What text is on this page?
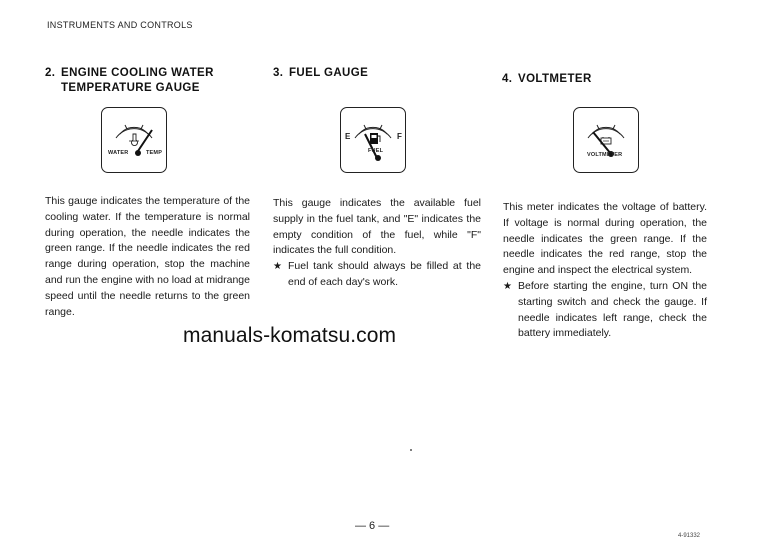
INSTRUMENTS AND CONTROLS
2. ENGINE COOLING WATER
TEMPERATURE GAUGE
WATER	TEMP

This gauge indicates the temperature of the cooling water. If the temperature is normal during operation, the needle indicates the green range. If the needle indicates the red range during operation, stop the machine and run the engine with no load at midrange speed until the needle returns to the green range.

3. FUEL GAUGE
E	F
FUEL

This gauge indicates the available fuel supply in the fuel tank, and "E" indicates the empty condition of the fuel, while "F" indicates the full condition.

★ Fuel tank should always be filled at the end of each day's work.
4. VOLTMETER
VOLTMETER

This meter indicates the voltage of battery. If voltage is normal during operation, the needle indicates the green range. If the needle indicates the red range, stop the engine and inspect the electrical system.

★ Before starting the engine, turn ON the starting switch and check the gauge. If needle indicates left range, check the battery immediately.
manuals-komatsu.com
— 6 —
4-91332
